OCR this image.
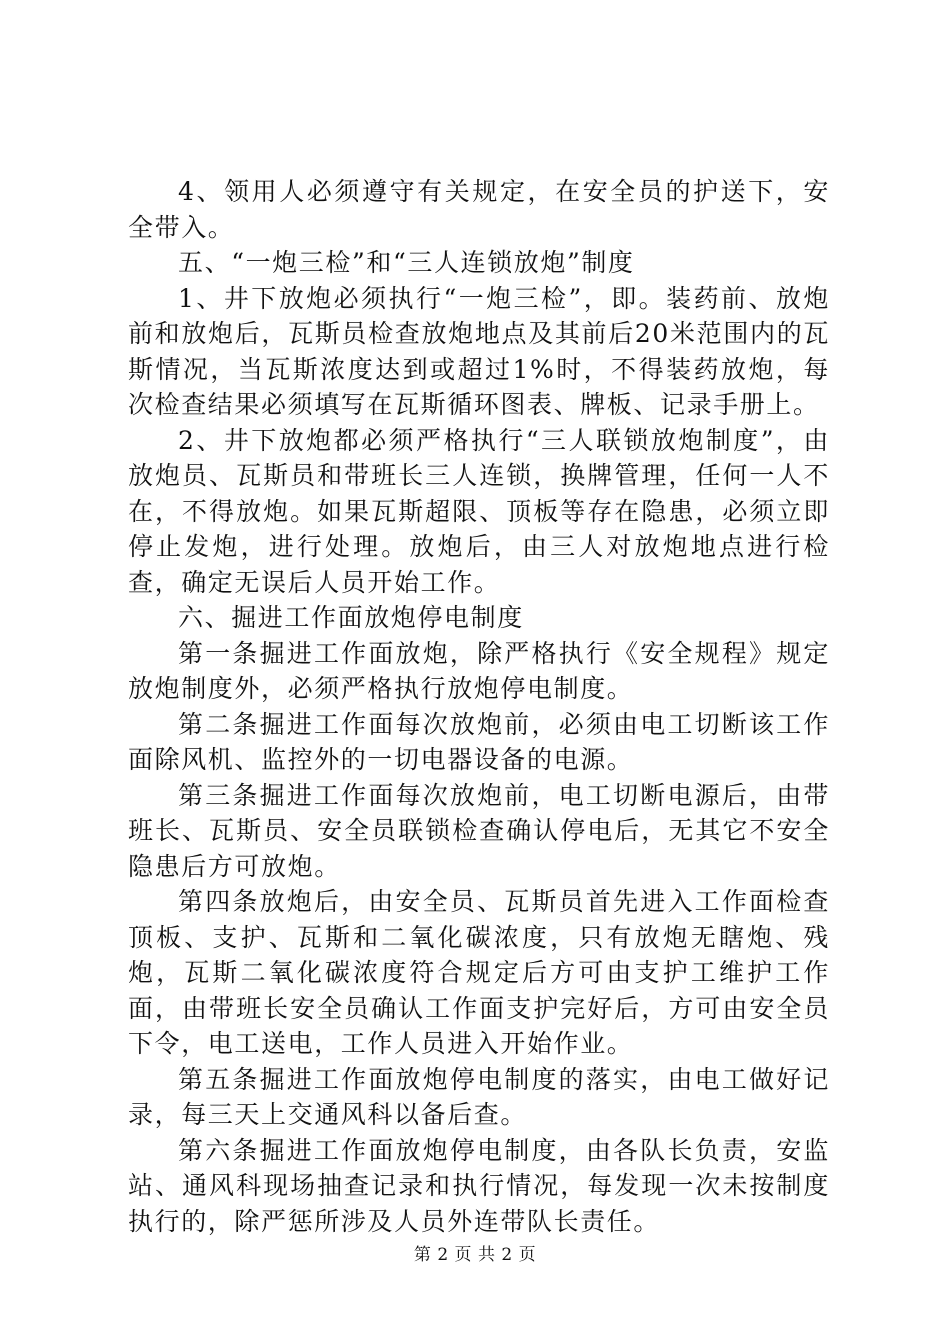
4、领用人必须遵守有关规定，在安全员的护送下，安全带入。

五、“一炮三检”和“三人连锁放炮”制度

1、井下放炮必须执行“一炮三检”，即。装药前、放炮前和放炮后，瓦斯员检查放炮地点及其前后20米范围内的瓦斯情况，当瓦斯浓度达到或超过1%时，不得装药放炮，每次检查结果必须填写在瓦斯循环图表、牌板、记录手册上。

2、井下放炮都必须严格执行“三人联锁放炮制度”，由放炮员、瓦斯员和带班长三人连锁，换牌管理，任何一人不在，不得放炮。如果瓦斯超限、顶板等存在隐患，必须立即停止发炮，进行处理。放炮后，由三人对放炮地点进行检查，确定无误后人员开始工作。

六、掘进工作面放炮停电制度

第一条掘进工作面放炮，除严格执行《安全规程》规定放炮制度外，必须严格执行放炮停电制度。

第二条掘进工作面每次放炮前，必须由电工切断该工作面除风机、监控外的一切电器设备的电源。

第三条掘进工作面每次放炮前，电工切断电源后，由带班长、瓦斯员、安全员联锁检查确认停电后，无其它不安全隐患后方可放炮。

第四条放炮后，由安全员、瓦斯员首先进入工作面检查顶板、支护、瓦斯和二氧化碳浓度，只有放炮无瞎炮、残炮，瓦斯二氧化碳浓度符合规定后方可由支护工维护工作面，由带班长安全员确认工作面支护完好后，方可由安全员下令，电工送电，工作人员进入开始作业。

第五条掘进工作面放炮停电制度的落实，由电工做好记录，每三天上交通风科以备后查。

第六条掘进工作面放炮停电制度，由各队长负责，安监站、通风科现场抽查记录和执行情况，每发现一次未按制度执行的，除严惩所涉及人员外连带队长责任。

第 2 页 共 2 页
